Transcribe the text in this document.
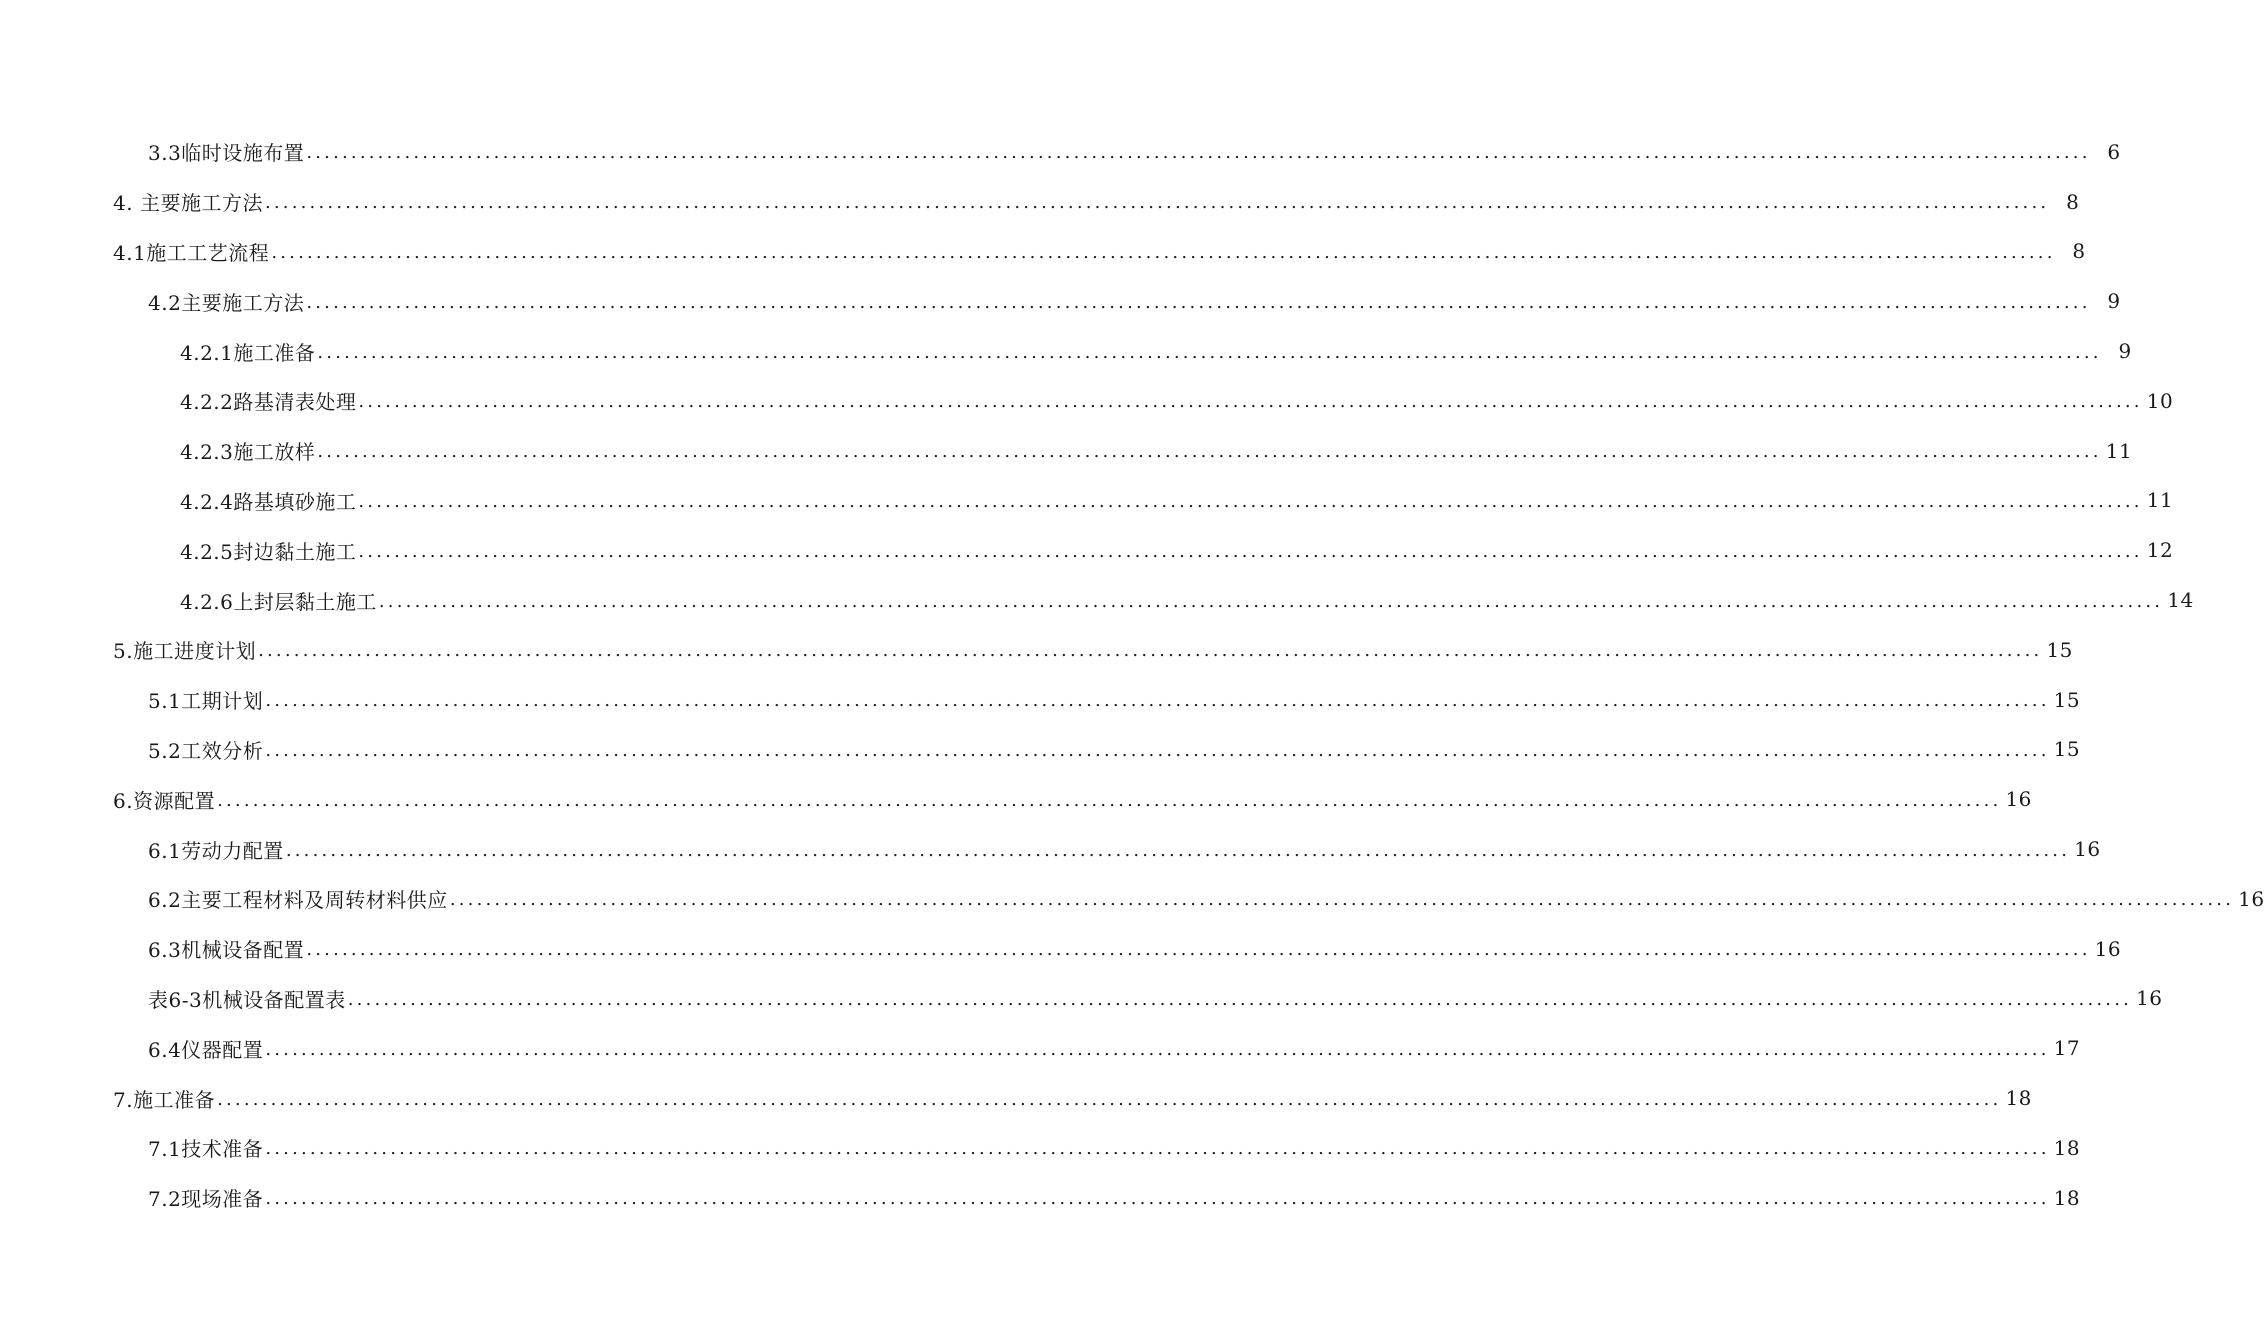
3.3临时设施布置 ........................................................................................................................................................................................................ 6
4. 主要施工方法 ........................................................................................................................................................................................................ 8
4.1施工工艺流程 ........................................................................................................................................................................................................ 8
4.2主要施工方法 ........................................................................................................................................................................................................ 9
4.2.1施工准备 ........................................................................................................................................................................................................ 9
4.2.2路基清表处理 ........................................................................................................................................................................................................ 10
4.2.3施工放样 ........................................................................................................................................................................................................ 11
4.2.4路基填砂施工 ........................................................................................................................................................................................................ 11
4.2.5封边黏土施工 ........................................................................................................................................................................................................ 12
4.2.6上封层黏土施工 ........................................................................................................................................................................................................ 14
5.施工进度计划 ........................................................................................................................................................................................................ 15
5.1工期计划 ........................................................................................................................................................................................................ 15
5.2工效分析 ........................................................................................................................................................................................................ 15
6.资源配置 ........................................................................................................................................................................................................ 16
6.1劳动力配置 ........................................................................................................................................................................................................ 16
6.2主要工程材料及周转材料供应 ........................................................................................................................................................................................................ 16
6.3机械设备配置 ........................................................................................................................................................................................................ 16
表6-3机械设备配置表 ........................................................................................................................................................................................................ 16
6.4仪器配置 ........................................................................................................................................................................................................ 17
7.施工准备 ........................................................................................................................................................................................................ 18
7.1技术准备 ........................................................................................................................................................................................................ 18
7.2现场准备 ........................................................................................................................................................................................................ 18
